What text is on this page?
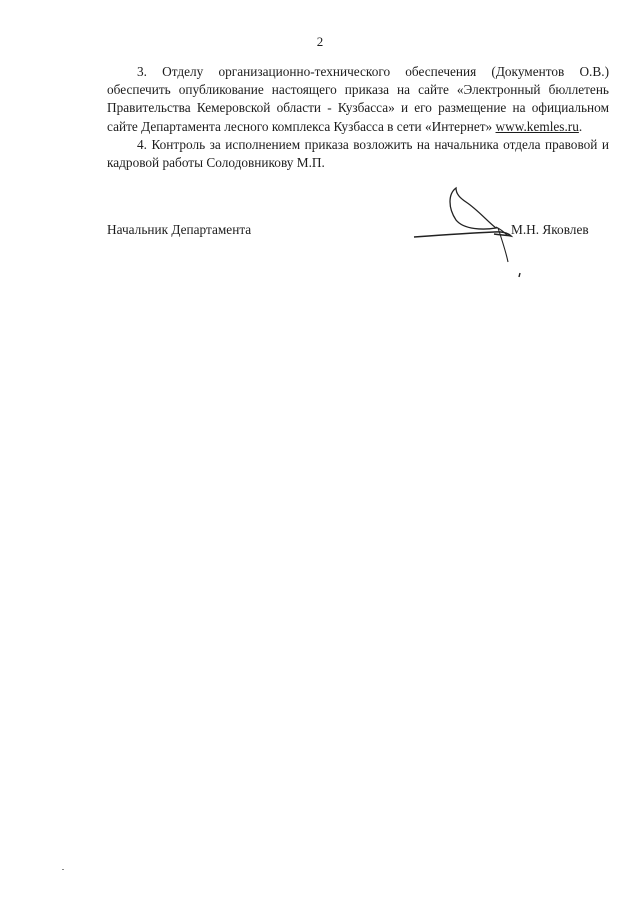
2

3. Отделу организационно-технического обеспечения (Документов О.В.) обеспечить опубликование настоящего приказа на сайте «Электронный бюллетень Правительства Кемеровской области - Кузбасса» и его размещение на официальном сайте Департамента лесного комплекса Кузбасса в сети «Интернет» www.kemles.ru.

4. Контроль за исполнением приказа возложить на начальника отдела правовой и кадровой работы Солодовникову М.П.

Начальник Департамента	М.Н. Яковлев
